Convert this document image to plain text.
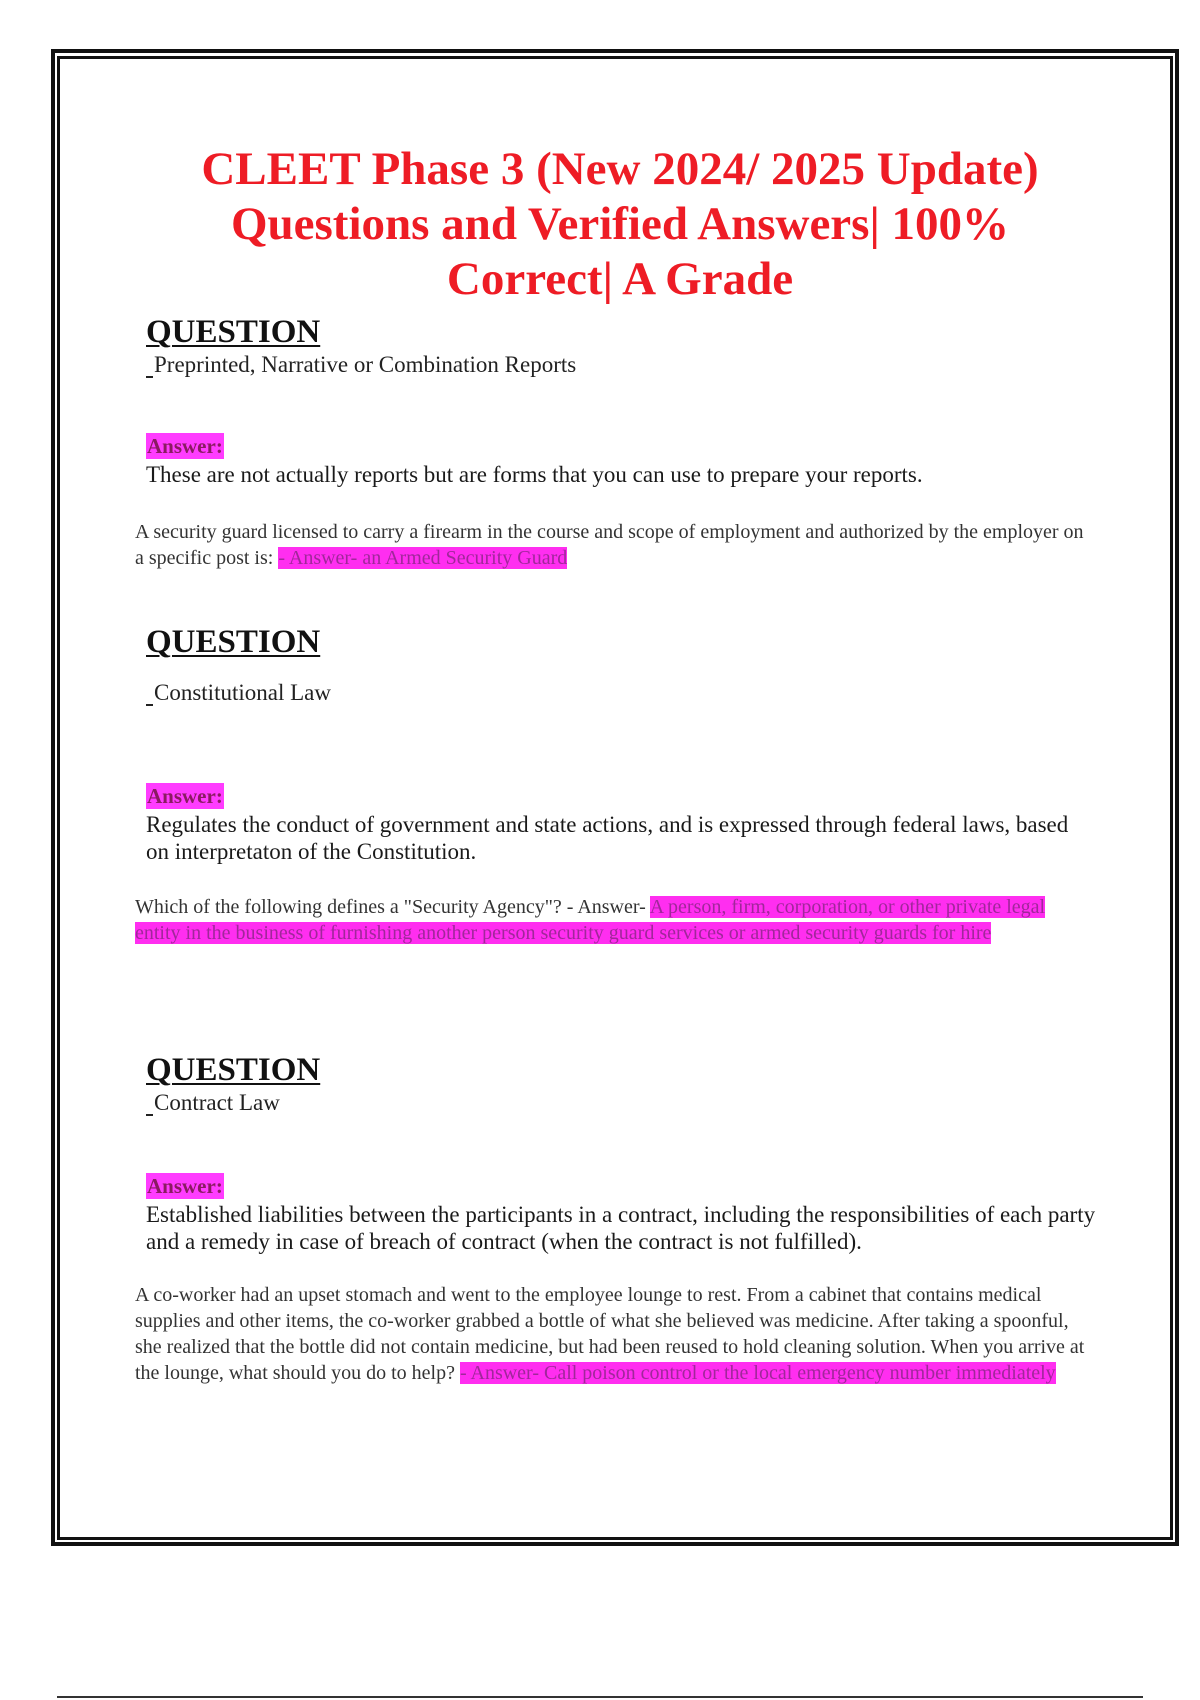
CLEET Phase 3 (New 2024/ 2025 Update)
Questions and Verified Answers| 100%
Correct| A Grade
QUESTION
Preprinted, Narrative or Combination Reports
Answer:
These are not actually reports but are forms that you can use to prepare your reports.

A security guard licensed to carry a firearm in the course and scope of employment and authorized by the employer on a specific post is: - Answer- an Armed Security Guard

QUESTION
Constitutional Law
Answer:
Regulates the conduct of government and state actions, and is expressed through federal laws, based on interpretaton of the Constitution.

Which of the following defines a "Security Agency"? - Answer- A person, firm, corporation, or other private legal entity in the business of furnishing another person security guard services or armed security guards for hire

QUESTION
Contract Law
Answer:
Established liabilities between the participants in a contract, including the responsibilities of each party and a remedy in case of breach of contract (when the contract is not fulfilled).

A co-worker had an upset stomach and went to the employee lounge to rest. From a cabinet that contains medical supplies and other items, the co-worker grabbed a bottle of what she believed was medicine. After taking a spoonful, she realized that the bottle did not contain medicine, but had been reused to hold cleaning solution. When you arrive at the lounge, what should you do to help? - Answer- Call poison control or the local emergency number immediately
